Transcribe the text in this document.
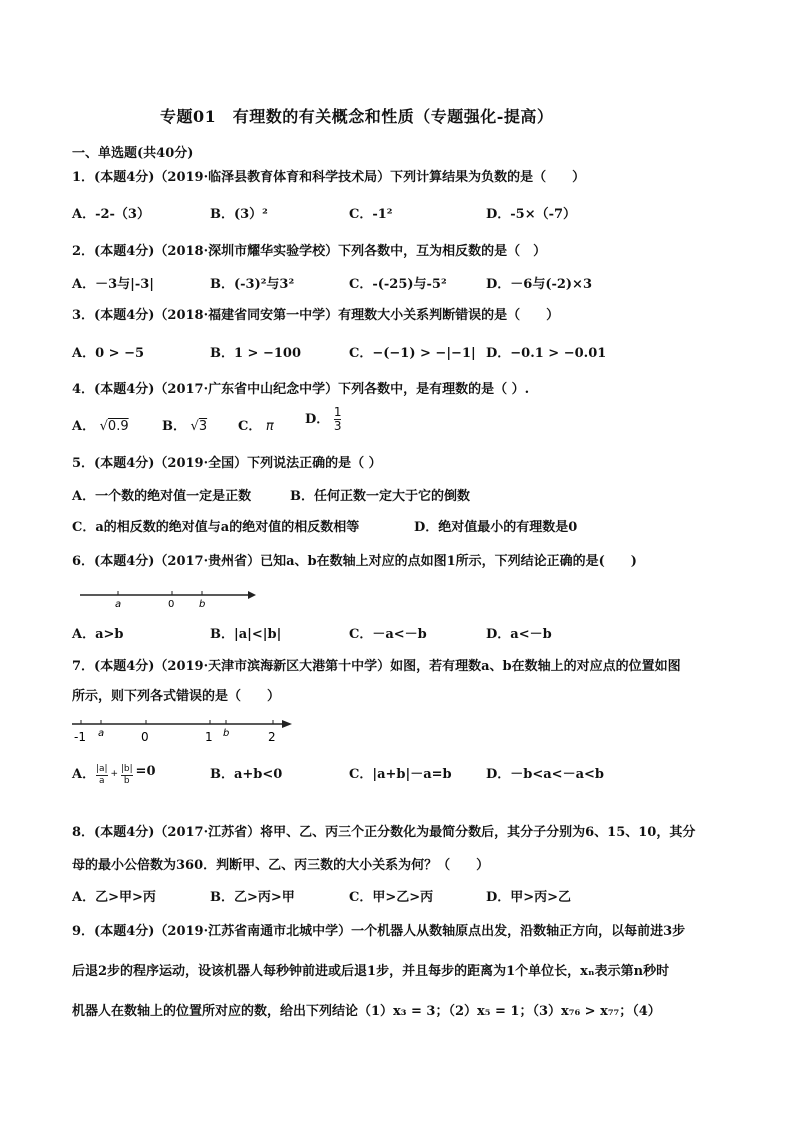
专题01　有理数的有关概念和性质（专题强化-提高）
一、单选题(共40分)
1．(本题4分)（2019·临泽县教育体育和科学技术局）下列计算结果为负数的是（　　）
A．-2-（3）	B．(3）²	C．-1²	D．-5×（-7）
2．(本题4分)（2018·深圳市耀华实验学校）下列各数中，互为相反数的是（　）
A．－3与|-3|	B．(-3)²与3²	C．-(-25)与-5²	D．－6与(-2)×3
3．(本题4分)（2018·福建省同安第一中学）有理数大小关系判断错误的是（　　）
A．0 > −5	B．1 > −100	C．−(−1) > −|−1| D．−0.1 > −0.01
4．(本题4分)（2017·广东省中山纪念中学）下列各数中，是有理数的是（ ）.
A． √0.9	B． √3 C． π D． $\frac{1}{3}$
5．(本题4分)（2019·全国）下列说法正确的是（ ）
A．一个数的绝对值一定是正数	B．任何正数一定大于它的倒数
C．a的相反数的绝对值与a的绝对值的相反数相等	D．绝对值最小的有理数是0
6．(本题4分)（2017·贵州省）已知a、b在数轴上对应的点如图1所示，下列结论正确的是(　　)
a	0 b
A．a>b	B．|a|<|b|	C．－a<－b	D．a<－b
7．(本题4分)（2019·天津市滨海新区大港第十中学）如图，若有理数a、b在数轴上的对应点的位置如图
所示，则下列各式错误的是（　　）
-1 a	0	1 b	2
A． $\frac{|a|}{a} + \frac{|b|}{b} =0$	B．a+b<0	C．|a+b|－a=b	D．－b<a<－a<b
8．(本题4分)（2017·江苏省）将甲、乙、丙三个正分数化为最简分数后，其分子分别为6、15、10，其分
母的最小公倍数为360．判断甲、乙、丙三数的大小关系为何？（　　）
A．乙>甲>丙	B．乙>丙>甲	C．甲>乙>丙	D．甲>丙>乙
9．(本题4分)（2019·江苏省南通市北城中学）一个机器人从数轴原点出发，沿数轴正方向，以每前进3步
后退2步的程序运动，设该机器人每秒钟前进或后退1步，并且每步的距离为1个单位长，xₙ表示第n秒时
机器人在数轴上的位置所对应的数，给出下列结论（1）x₃ = 3；（2）x₅ = 1；（3）x₇₆ > x₇₇；（4）
